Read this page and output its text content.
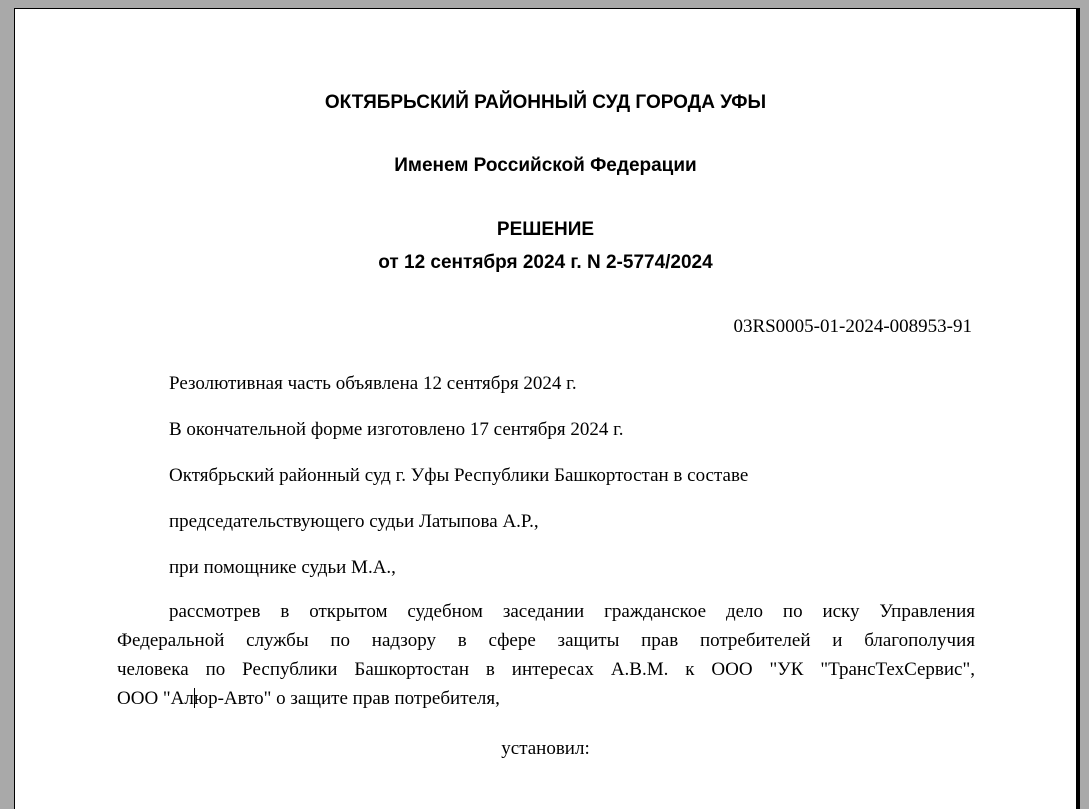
ОКТЯБРЬСКИЙ РАЙОННЫЙ СУД ГОРОДА УФЫ
Именем Российской Федерации
РЕШЕНИЕ
от 12 сентября 2024 г. N 2-5774/2024
03RS0005-01-2024-008953-91
Резолютивная часть объявлена 12 сентября 2024 г.
В окончательной форме изготовлено 17 сентября 2024 г.
Октябрьский районный суд г. Уфы Республики Башкортостан в составе
председательствующего судьи Латыпова А.Р.,
при помощнике судьи М.А.,
рассмотрев в открытом судебном заседании гражданское дело по иску Управления
Федеральной службы по надзору в сфере защиты прав потребителей и благополучия
человека по Республики Башкортостан в интересах А.В.М. к ООО "УК "ТрансТехСервис",
ООО "Алюр-Авто" о защите прав потребителя,
установил:
